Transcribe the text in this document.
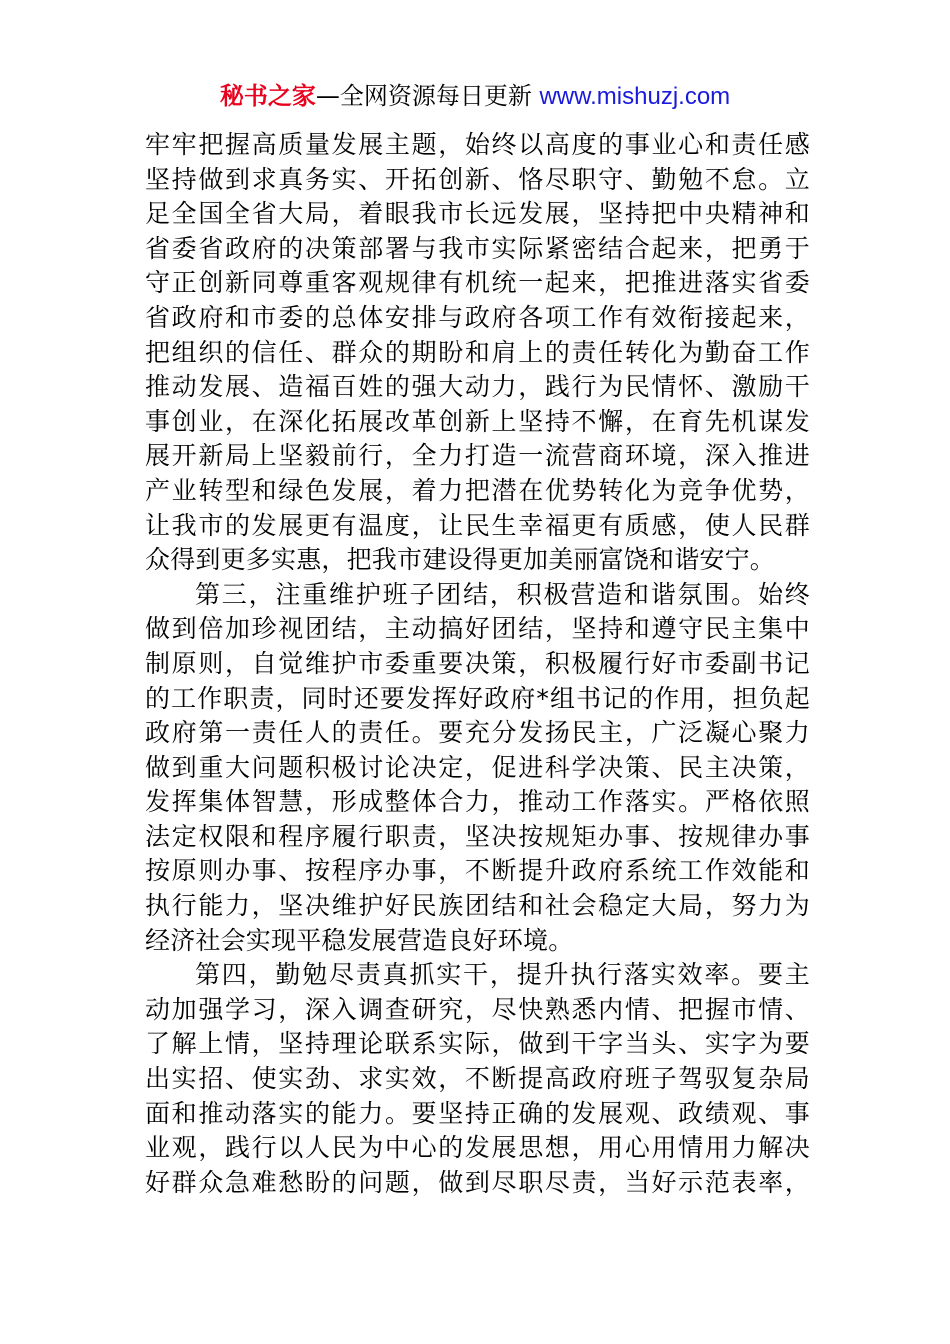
秘书之家—全网资源每日更新 www.mishuzj.com
牢牢把握高质量发展主题，始终以高度的事业心和责任感
坚持做到求真务实、开拓创新、恪尽职守、勤勉不怠。立
足全国全省大局，着眼我市长远发展，坚持把中央精神和
省委省政府的决策部署与我市实际紧密结合起来，把勇于
守正创新同尊重客观规律有机统一起来，把推进落实省委
省政府和市委的总体安排与政府各项工作有效衔接起来，
把组织的信任、群众的期盼和肩上的责任转化为勤奋工作
推动发展、造福百姓的强大动力，践行为民情怀、激励干
事创业，在深化拓展改革创新上坚持不懈，在育先机谋发
展开新局上坚毅前行，全力打造一流营商环境，深入推进
产业转型和绿色发展，着力把潜在优势转化为竞争优势，
让我市的发展更有温度，让民生幸福更有质感，使人民群
众得到更多实惠，把我市建设得更加美丽富饶和谐安宁。
第三，注重维护班子团结，积极营造和谐氛围。始终
做到倍加珍视团结，主动搞好团结，坚持和遵守民主集中
制原则，自觉维护市委重要决策，积极履行好市委副书记
的工作职责，同时还要发挥好政府*组书记的作用，担负起
政府第一责任人的责任。要充分发扬民主，广泛凝心聚力
做到重大问题积极讨论决定，促进科学决策、民主决策，
发挥集体智慧，形成整体合力，推动工作落实。严格依照
法定权限和程序履行职责，坚决按规矩办事、按规律办事
按原则办事、按程序办事，不断提升政府系统工作效能和
执行能力，坚决维护好民族团结和社会稳定大局，努力为
经济社会实现平稳发展营造良好环境。
第四，勤勉尽责真抓实干，提升执行落实效率。要主
动加强学习，深入调查研究，尽快熟悉内情、把握市情、
了解上情，坚持理论联系实际，做到干字当头、实字为要
出实招、使实劲、求实效，不断提高政府班子驾驭复杂局
面和推动落实的能力。要坚持正确的发展观、政绩观、事
业观，践行以人民为中心的发展思想，用心用情用力解决
好群众急难愁盼的问题，做到尽职尽责，当好示范表率，
